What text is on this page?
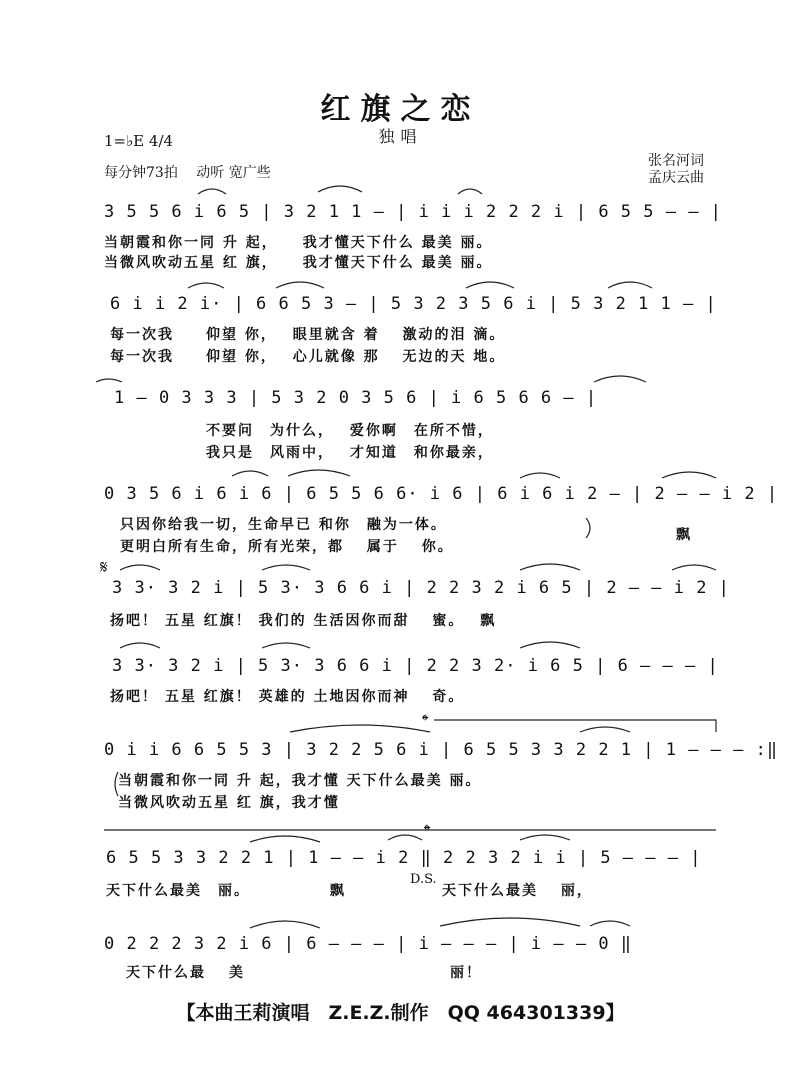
红旗之恋
独唱
1=♭E 4/4
每分钟73拍　 动听 宽广些
张名河词
孟庆云曲
3 5 5 6 i 6 5 | 3 2 1 1 — | i i i 2 2 2 i | 6 5 5 — — |
当朝霞和你一同 升 起，　　我才懂天下什么 最美 丽。
当微风吹动五星 红 旗，　　我才懂天下什么 最美 丽。
6 i i 2 i· | 6 6 5 3 — | 5 3 2 3 5 6 i | 5 3 2 1 1 — |
每一次我　　仰望 你，　 眼里就含 着 　激动的泪 滴。
每一次我　　仰望 你，　 心儿就像 那 　无边的天 地。
1 — 0 3 3 3 | 5 3 2 0 3 5 6 | i 6 5 6 6 — |
不要问　为什么，　 爱你啊　在所不惜，
我只是　风雨中，　 才知道　和你最亲，
0 3 5 6 i 6 i 6 | 6 5 5 6 6· i 6 | 6 i 6 i 2 — | 2 — — i 2 |
只因你给我一切，生命早已 和你　融为一体。
更明白所有生命，所有光荣，都　 属于　 你。
飘
𝄋
3 3· 3 2 i | 5 3· 3 6 6 i | 2 2 3 2 i 6 5 | 2 — — i 2 |
扬吧！ 五星 红旗！ 我们的 生活因你而甜　 蜜。　 飘
3 3· 3 2 i | 5 3· 3 6 6 i | 2 2 3 2· i 6 5 | 6 — — — |
扬吧！ 五星 红旗！ 英雄的 土地因你而神　 奇。
𝄌
0 i i 6 6 5 5 3 | 3 2 2 5 6 i | 6 5 5 3 3 2 2 1 | 1 — — — :‖
当朝霞和你一同 升 起，我才懂 天下什么最美 丽。
当微风吹动五星 红 旗，我才懂
𝄌
6 5 5 3 3 2 2 1 | 1 — — i 2 ‖ 2 2 3 2 i i | 5 — — — |
天下什么最美　丽。　　　　　 飘
D.S.
天下什么最美　 丽，
0 2 2 2 3 2 i 6 | 6 — — — | i — — — | i — — 0 ‖
天下什么最　 美	丽！
【本曲王莉演唱　Z.E.Z.制作　QQ 464301339】
